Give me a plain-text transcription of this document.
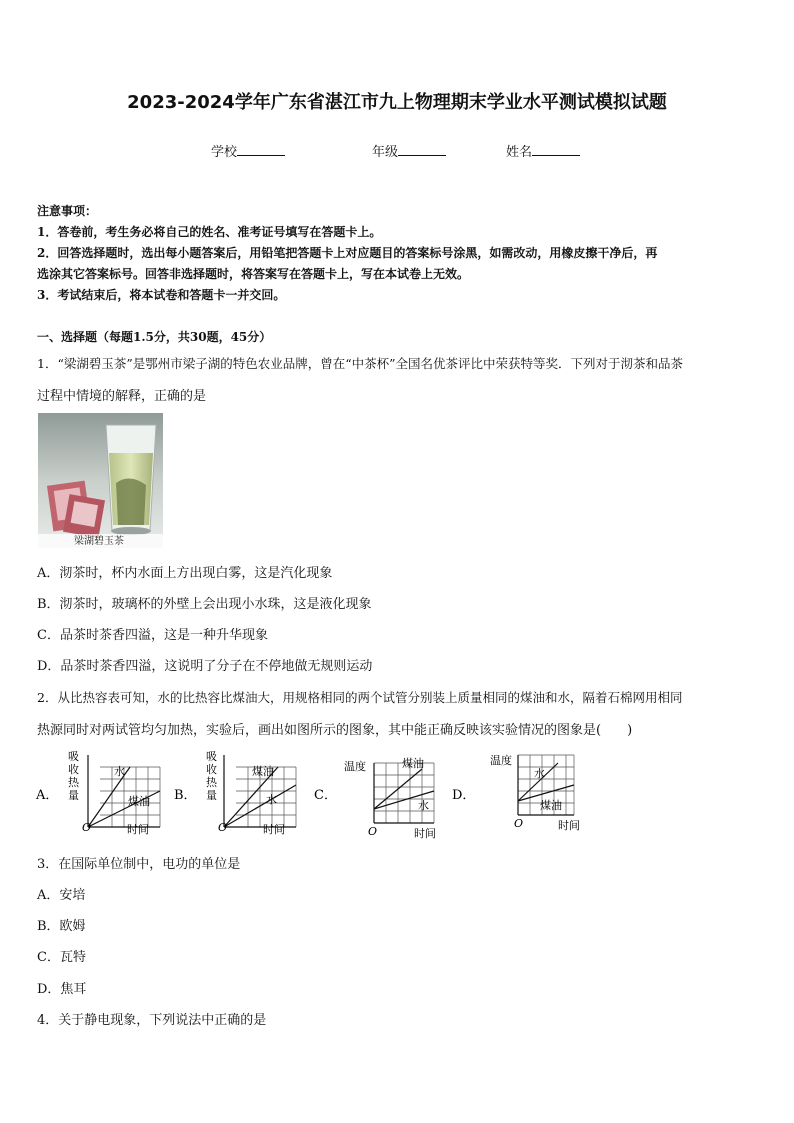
2023-2024学年广东省湛江市九上物理期末学业水平测试模拟试题
学校	年级	姓名
注意事项：
1．答卷前，考生务必将自己的姓名、准考证号填写在答题卡上。
2．回答选择题时，选出每小题答案后，用铅笔把答题卡上对应题目的答案标号涂黑，如需改动，用橡皮擦干净后，再
选涂其它答案标号。回答非选择题时，将答案写在答题卡上，写在本试卷上无效。
3．考试结束后，将本试卷和答题卡一并交回。
一、选择题（每题1.5分，共30题，45分）
1．“梁湖碧玉茶”是鄂州市梁子湖的特色农业品牌，曾在“中茶杯”全国名优茶评比中荣获特等奖．下列对于沏茶和品茶
过程中情境的解释，正确的是
梁湖碧玉茶
A．沏茶时，杯内水面上方出现白雾，这是汽化现象
B．沏茶时，玻璃杯的外壁上会出现小水珠，这是液化现象
C．品茶时茶香四溢，这是一种升华现象
D．品茶时茶香四溢，这说明了分子在不停地做无规则运动
2．从比热容表可知，水的比热容比煤油大，用规格相同的两个试管分别装上质量相同的煤油和水，隔着石棉网用相同
热源同时对两试管均匀加热，实验后，画出如图所示的图象，其中能正确反映该实验情况的图象是(　　)
A．
吸
收
热
量
水
煤油
O	时间
B．
吸
收
热
量
煤油
水
O	时间
C．
温度	煤油
水
O	时间
D．
温度
水
煤油
O	时间
3．在国际单位制中，电功的单位是
A．安培
B．欧姆
C．瓦特
D．焦耳
4．关于静电现象，下列说法中正确的是
